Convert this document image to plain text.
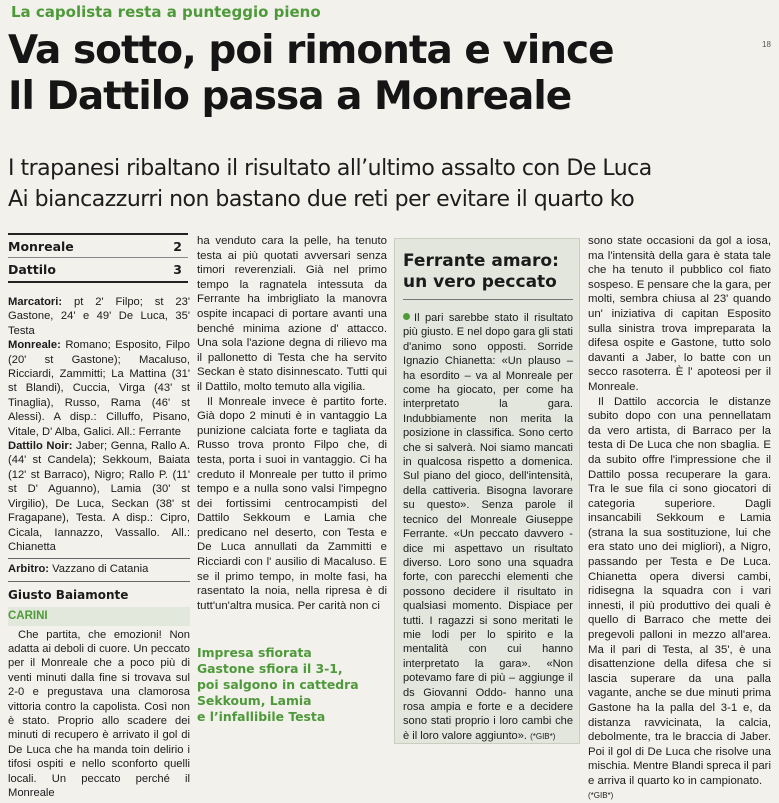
La capolista resta a punteggio pieno
18
Va sotto, poi rimonta e vince
Il Dattilo passa a Monreale
I trapanesi ribaltano il risultato all’ultimo assalto con De Luca
Ai biancazzurri non bastano due reti per evitare il quarto ko
Monreale	2
Dattilo	3

Marcatori: pt 2' Filpo; st 23' Gastone, 24' e 49' De Luca, 35' Testa

Monreale: Romano; Esposito, Filpo (20' st Gastone); Macaluso, Ricciardi, Zammitti; La Mattina (31' st Blandi), Cuccia, Virga (43' st Tinaglia), Russo, Rama (46' st Alessi). A disp.: Cilluffo, Pisano, Vitale, D' Alba, Galici. All.: Ferrante

Dattilo Noir: Jaber; Genna, Rallo A. (44' st Candela); Sekkoum, Baiata (12' st Barraco), Nigro; Rallo P. (11' st D' Aguanno), Lamia (30' st Virgilio), De Luca, Seckan (38' st Fragapane), Testa. A disp.: Cipro, Cicala, Iannazzo, Vassallo. All.: Chianetta

Arbitro: Vazzano di Catania

Giusto Baiamonte
CARINI

Che partita, che emozioni! Non adatta ai deboli di cuore. Un peccato per il Monreale che a poco più di venti minuti dalla fine si trovava sul 2-0 e pregustava una clamorosa vittoria contro la capolista. Così non è stato. Proprio allo scadere dei minuti di recupero è arrivato il gol di De Luca che ha manda toin delirio i tifosi ospiti e nello sconforto quelli locali. Un peccato perché il Monreale

ha venduto cara la pelle, ha tenuto testa ai più quotati avversari senza timori reverenziali. Già nel primo tempo la ragnatela intessuta da Ferrante ha imbrigliato la manovra ospite incapaci di portare avanti una benché minima azione d' attacco. Una sola l'azione degna di rilievo ma il pallonetto di Testa che ha servito Seckan è stato disinnescato. Tutti qui il Dattilo, molto temuto alla vigilia.

Il Monreale invece è partito forte. Già dopo 2 minuti è in vantaggio La punizione calciata forte e tagliata da Russo trova pronto Filpo che, di testa, porta i suoi in vantaggio. Ci ha creduto il Monreale per tutto il primo tempo e a nulla sono valsi l'impegno dei fortissimi centrocampisti del Dattilo Sekkoum e Lamia che predicano nel deserto, con Testa e De Luca annullati da Zammitti e Ricciardi con l' ausilio di Macaluso. E se il primo tempo, in molte fasi, ha rasentato la noia, nella ripresa è di tutt'un'altra musica. Per carità non ci

Impresa sfiorata
Gastone sfiora il 3-1,
poi salgono in cattedra
Sekkoum, Lamia
e l’infallibile Testa
Ferrante amaro:
un vero peccato
Il pari sarebbe stato il risultato più giusto. E nel dopo gara gli stati d'animo sono opposti. Sorride Ignazio Chianetta: «Un plauso – ha esordito – va al Monreale per come ha giocato, per come ha interpretato la gara. Indubbiamente non merita la posizione in classifica. Sono certo che si salverà. Noi siamo mancati in qualcosa rispetto a domenica. Sul piano del gioco, dell'intensità, della cattiveria. Bisogna lavorare su questo». Senza parole il tecnico del Monreale Giuseppe Ferrante. «Un peccato davvero - dice mi aspettavo un risultato diverso. Loro sono una squadra forte, con parecchi elementi che possono decidere il risultato in qualsiasi momento. Dispiace per tutti. I ragazzi si sono meritati le mie lodi per lo spirito e la mentalità con cui hanno interpretato la gara». «Non potevamo fare di più – aggiunge il ds Giovanni Oddo- hanno una rosa ampia e forte e a decidere sono stati proprio i loro cambi che è il loro valore aggiunto». (*GIB*)

sono state occasioni da gol a iosa, ma l'intensità della gara è stata tale che ha tenuto il pubblico col fiato sospeso. E pensare che la gara, per molti, sembra chiusa al 23' quando un' iniziativa di capitan Esposito sulla sinistra trova impreparata la difesa ospite e Gastone, tutto solo davanti a Jaber, lo batte con un secco rasoterra. È l' apoteosi per il Monreale.

Il Dattilo accorcia le distanze subito dopo con una pennellatam da vero artista, di Barraco per la testa di De Luca che non sbaglia. E da subito offre l'impressione che il Dattilo possa recuperare la gara. Tra le sue fila ci sono giocatori di categoria superiore. Dagli insancabili Sekkoum e Lamia (strana la sua sostituzione, lui che era stato uno dei migliori), a Nigro, passando per Testa e De Luca. Chianetta opera diversi cambi, ridisegna la squadra con i vari innesti, il più produttivo dei quali è quello di Barraco che mette dei pregevoli palloni in mezzo all'area. Ma il pari di Testa, al 35', è una disattenzione della difesa che si lascia superare da una palla vagante, anche se due minuti prima Gastone ha la palla del 3-1 e, da distanza ravvicinata, la calcia, debolmente, tra le braccia di Jaber. Poi il gol di De Luca che risolve una mischia. Mentre Blandi spreca il pari e arriva il quarto ko in campionato.

(*GIB*)
